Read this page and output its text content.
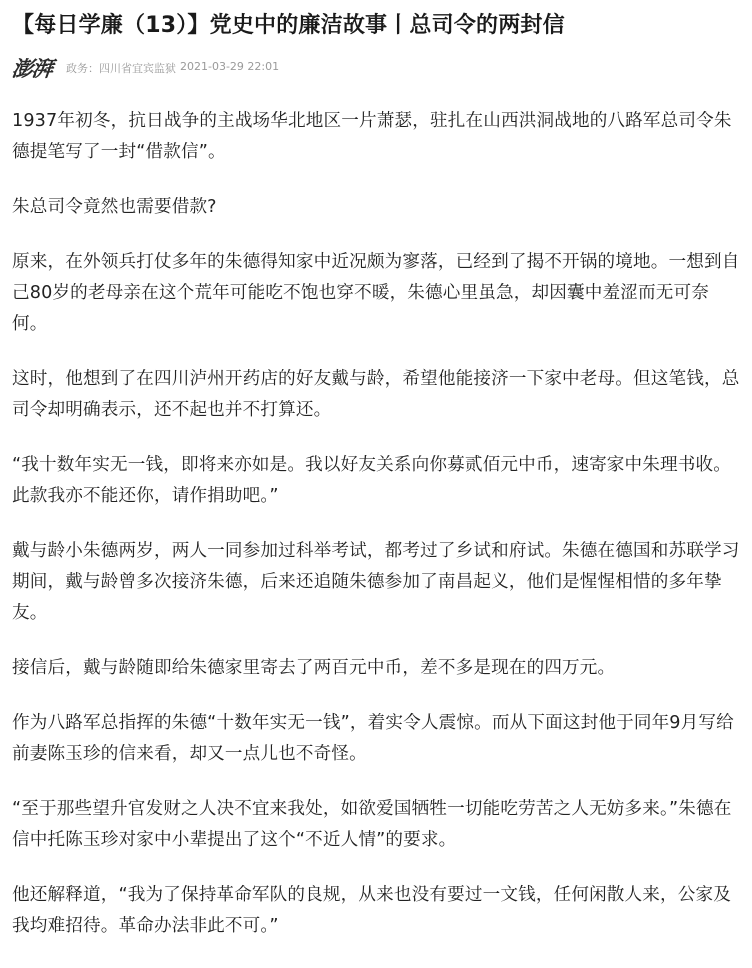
【每日学廉（13）】党史中的廉洁故事丨总司令的两封信
澎湃 政务：四川省宜宾监狱 2021-03-29 22:01

1937年初冬，抗日战争的主战场华北地区一片萧瑟，驻扎在山西洪洞战地的八路军总司令朱德提笔写了一封“借款信”。

朱总司令竟然也需要借款?

原来，在外领兵打仗多年的朱德得知家中近况颇为寥落，已经到了揭不开锅的境地。一想到自己80岁的老母亲在这个荒年可能吃不饱也穿不暖，朱德心里虽急，却因囊中羞涩而无可奈何。

这时，他想到了在四川泸州开药店的好友戴与龄，希望他能接济一下家中老母。但这笔钱，总司令却明确表示，还不起也并不打算还。

“我十数年实无一钱，即将来亦如是。我以好友关系向你募贰佰元中币，速寄家中朱理书收。此款我亦不能还你，请作捐助吧。”

戴与龄小朱德两岁，两人一同参加过科举考试，都考过了乡试和府试。朱德在德国和苏联学习期间，戴与龄曾多次接济朱德，后来还追随朱德参加了南昌起义，他们是惺惺相惜的多年挚友。

接信后，戴与龄随即给朱德家里寄去了两百元中币，差不多是现在的四万元。

作为八路军总指挥的朱德“十数年实无一钱”，着实令人震惊。而从下面这封他于同年9月写给前妻陈玉珍的信来看，却又一点儿也不奇怪。

“至于那些望升官发财之人决不宜来我处，如欲爱国牺牲一切能吃劳苦之人无妨多来。”朱德在信中托陈玉珍对家中小辈提出了这个“不近人情”的要求。

他还解释道，“我为了保持革命军队的良规，从来也没有要过一文钱，任何闲散人来，公家及我均难招待。革命办法非此不可。”
